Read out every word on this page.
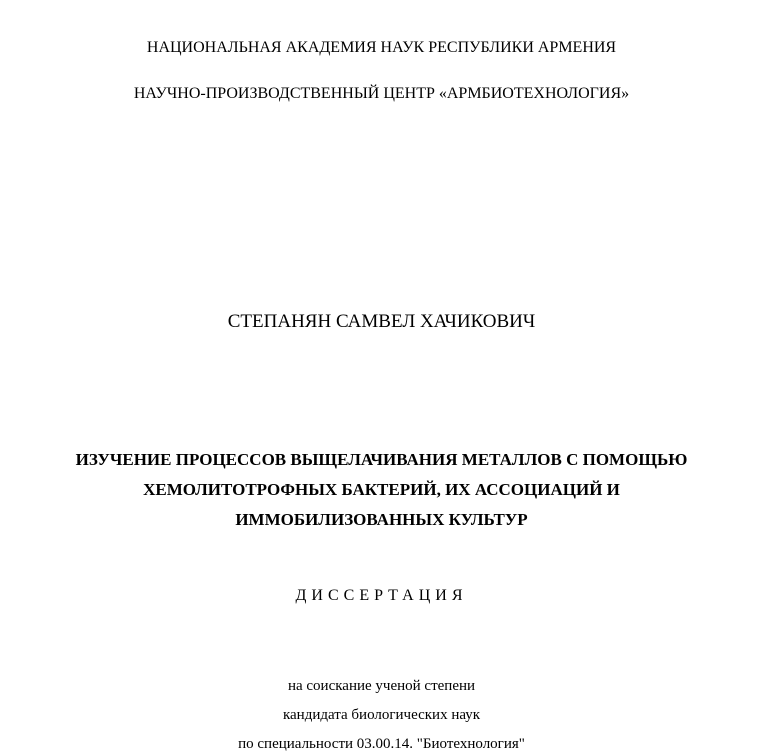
НАЦИОНАЛЬНАЯ АКАДЕМИЯ НАУК РЕСПУБЛИКИ АРМЕНИЯ
НАУЧНО-ПРОИЗВОДСТВЕННЫЙ ЦЕНТР «АРМБИОТЕХНОЛОГИЯ»
СТЕПАНЯН САМВЕЛ ХАЧИКОВИЧ
ИЗУЧЕНИЕ ПРОЦЕССОВ ВЫЩЕЛАЧИВАНИЯ МЕТАЛЛОВ С ПОМОЩЬЮ
ХЕМОЛИТОТРОФНЫХ БАКТЕРИЙ, ИХ АССОЦИАЦИЙ И
ИММОБИЛИЗОВАННЫХ КУЛЬТУР
ДИССЕРТАЦИЯ
на соискание ученой степени
кандидата биологических наук
по специальности 03.00.14. "Биотехнология"
